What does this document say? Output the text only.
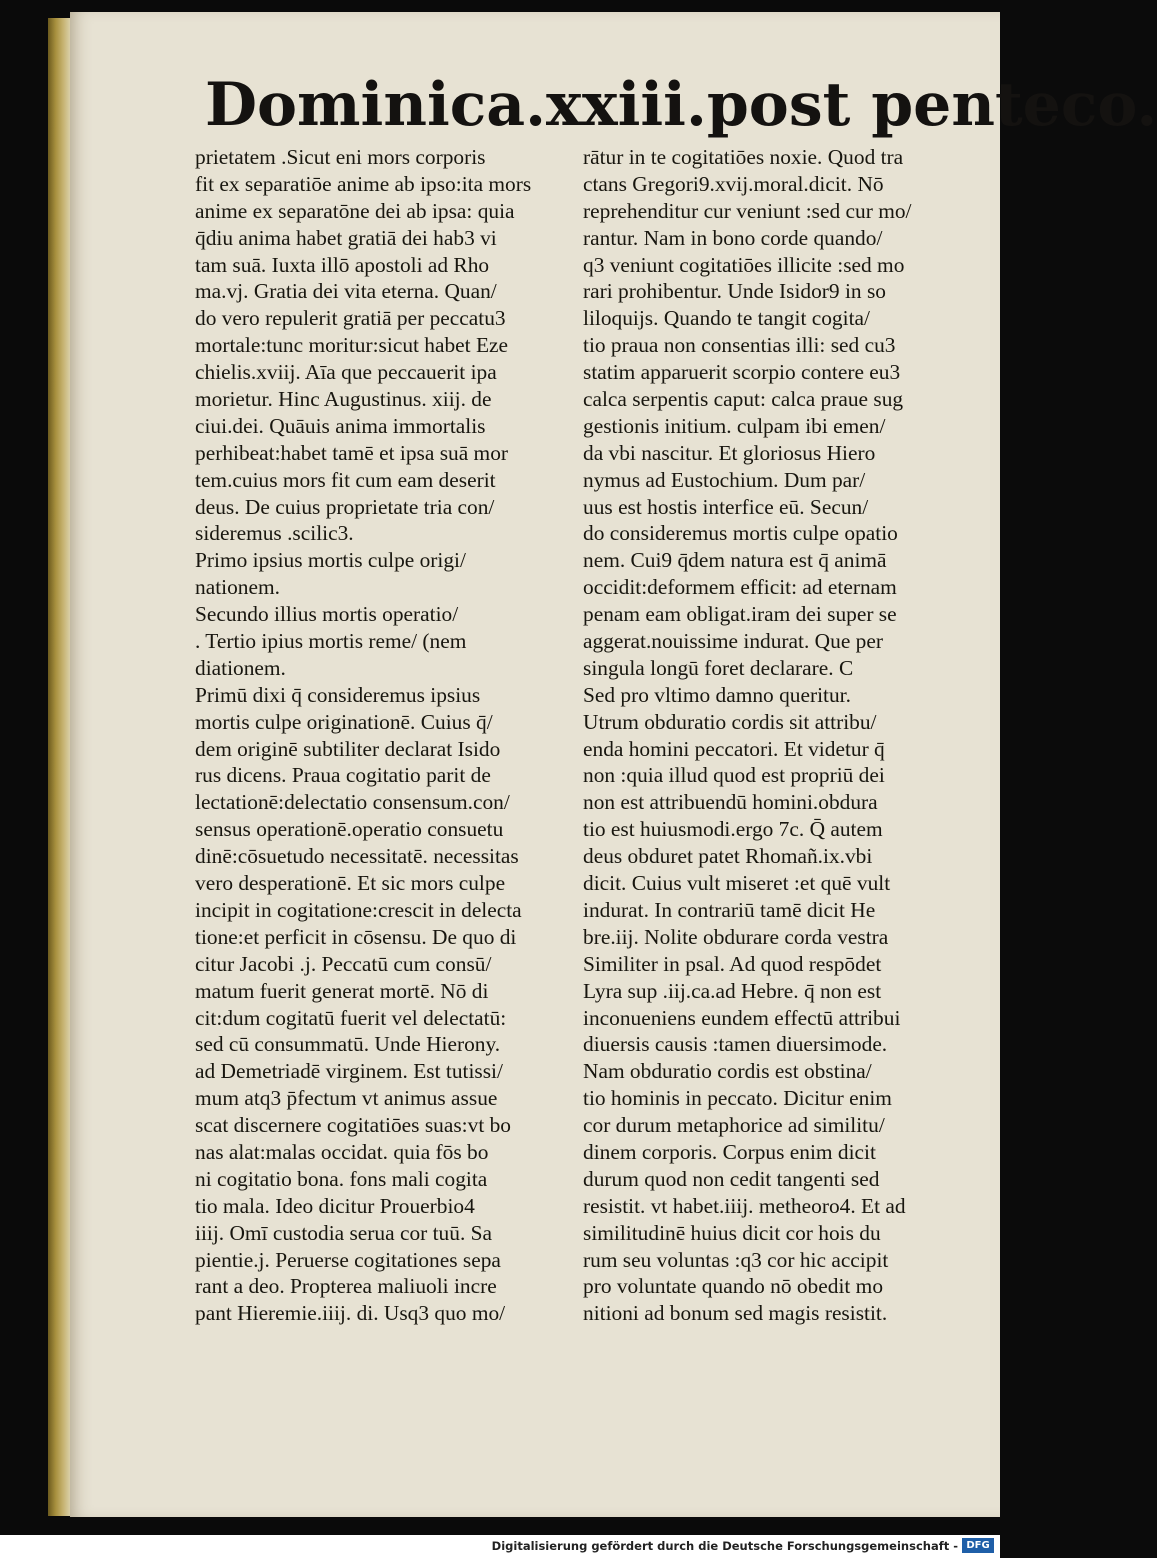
Dominica.xxiii.post penteco.
prietatem .Sicut eni mors corporis
fit ex separatiōe anime ab ipso:ita mors
anime ex separatōne dei ab ipsa: quia
q̄diu anima habet gratiā dei hab3 vi
tam suā. Iuxta illō apostoli ad Rho
ma.vj. Gratia dei vita eterna. Quan/
do vero repulerit gratiā per peccatu3
mortale:tunc moritur:sicut habet Eze
chielis.xviij. Aīa que peccauerit ipa
morietur. Hinc Augustinus. xiij. de
ciui.dei. Quāuis anima immortalis
perhibeat:habet tamē et ipsa suā mor
tem.cuius mors fit cum eam deserit
deus. De cuius proprietate tria con/
sideremus .scilic3.
Primo ipsius mortis culpe origi/
nationem.
Secundo illius mortis operatio/
. Tertio ipius mortis reme/ (nem
diationem.
Primū dixi q̄ consideremus ipsius
mortis culpe originationē. Cuius q̄/
dem originē subtiliter declarat Isido
rus dicens. Praua cogitatio parit de
lectationē:delectatio consensum.con/
sensus operationē.operatio consuetu
dinē:cōsuetudo necessitatē. necessitas
vero desperationē. Et sic mors culpe
incipit in cogitatione:crescit in delecta
tione:et perficit in cōsensu. De quo di
citur Jacobi .j. Peccatū cum consū/
matum fuerit generat mortē. Nō di
cit:dum cogitatū fuerit vel delectatū:
sed cū consummatū. Unde Hierony.
ad Demetriadē virginem. Est tutissi/
mum atq3 p̄fectum vt animus assue
scat discernere cogitatiōes suas:vt bo
nas alat:malas occidat. quia fōs bo
ni cogitatio bona. fons mali cogita
tio mala. Ideo dicitur Prouerbio4
iiij. Omī custodia serua cor tuū. Sa
pientie.j. Peruerse cogitationes sepa
rant a deo. Propterea maliuoli incre
pant Hieremie.iiij. di. Usq3 quo mo/
rātur in te cogitatiōes noxie. Quod tra
ctans Gregori9.xvij.moral.dicit. Nō
reprehenditur cur veniunt :sed cur mo/
rantur. Nam in bono corde quando/
q3 veniunt cogitatiōes illicite :sed mo
rari prohibentur. Unde Isidor9 in so
liloquijs. Quando te tangit cogita/
tio praua non consentias illi: sed cu3
statim apparuerit scorpio contere eu3
calca serpentis caput: calca praue sug
gestionis initium. culpam ibi emen/
da vbi nascitur. Et gloriosus Hiero
nymus ad Eustochium. Dum par/
uus est hostis interfice eū. Secun/
do consideremus mortis culpe opatio
nem. Cui9 q̄dem natura est q̄ animā
occidit:deformem efficit: ad eternam
penam eam obligat.iram dei super se
aggerat.nouissime indurat. Que per
singula longū foret declarare. C
Sed pro vltimo damno queritur.
Utrum obduratio cordis sit attribu/
enda homini peccatori. Et videtur q̄
non :quia illud quod est propriū dei
non est attribuendū homini.obdura
tio est huiusmodi.ergo 7c. Q̄ autem
deus obduret patet Rhomañ.ix.vbi
dicit. Cuius vult miseret :et quē vult
indurat. In contrariū tamē dicit He
bre.iij. Nolite obdurare corda vestra
Similiter in psal. Ad quod respōdet
Lyra sup .iij.ca.ad Hebre. q̄ non est
inconueniens eundem effectū attribui
diuersis causis :tamen diuersimode.
Nam obduratio cordis est obstina/
tio hominis in peccato. Dicitur enim
cor durum metaphorice ad similitu/
dinem corporis. Corpus enim dicit
durum quod non cedit tangenti sed
resistit. vt habet.iiij. metheoro4. Et ad
similitudinē huius dicit cor hois du
rum seu voluntas :q3 cor hic accipit
pro voluntate quando nō obedit mo
nitioni ad bonum sed magis resistit.
Digitalisierung gefördert durch die Deutsche Forschungsgemeinschaft - DFG
